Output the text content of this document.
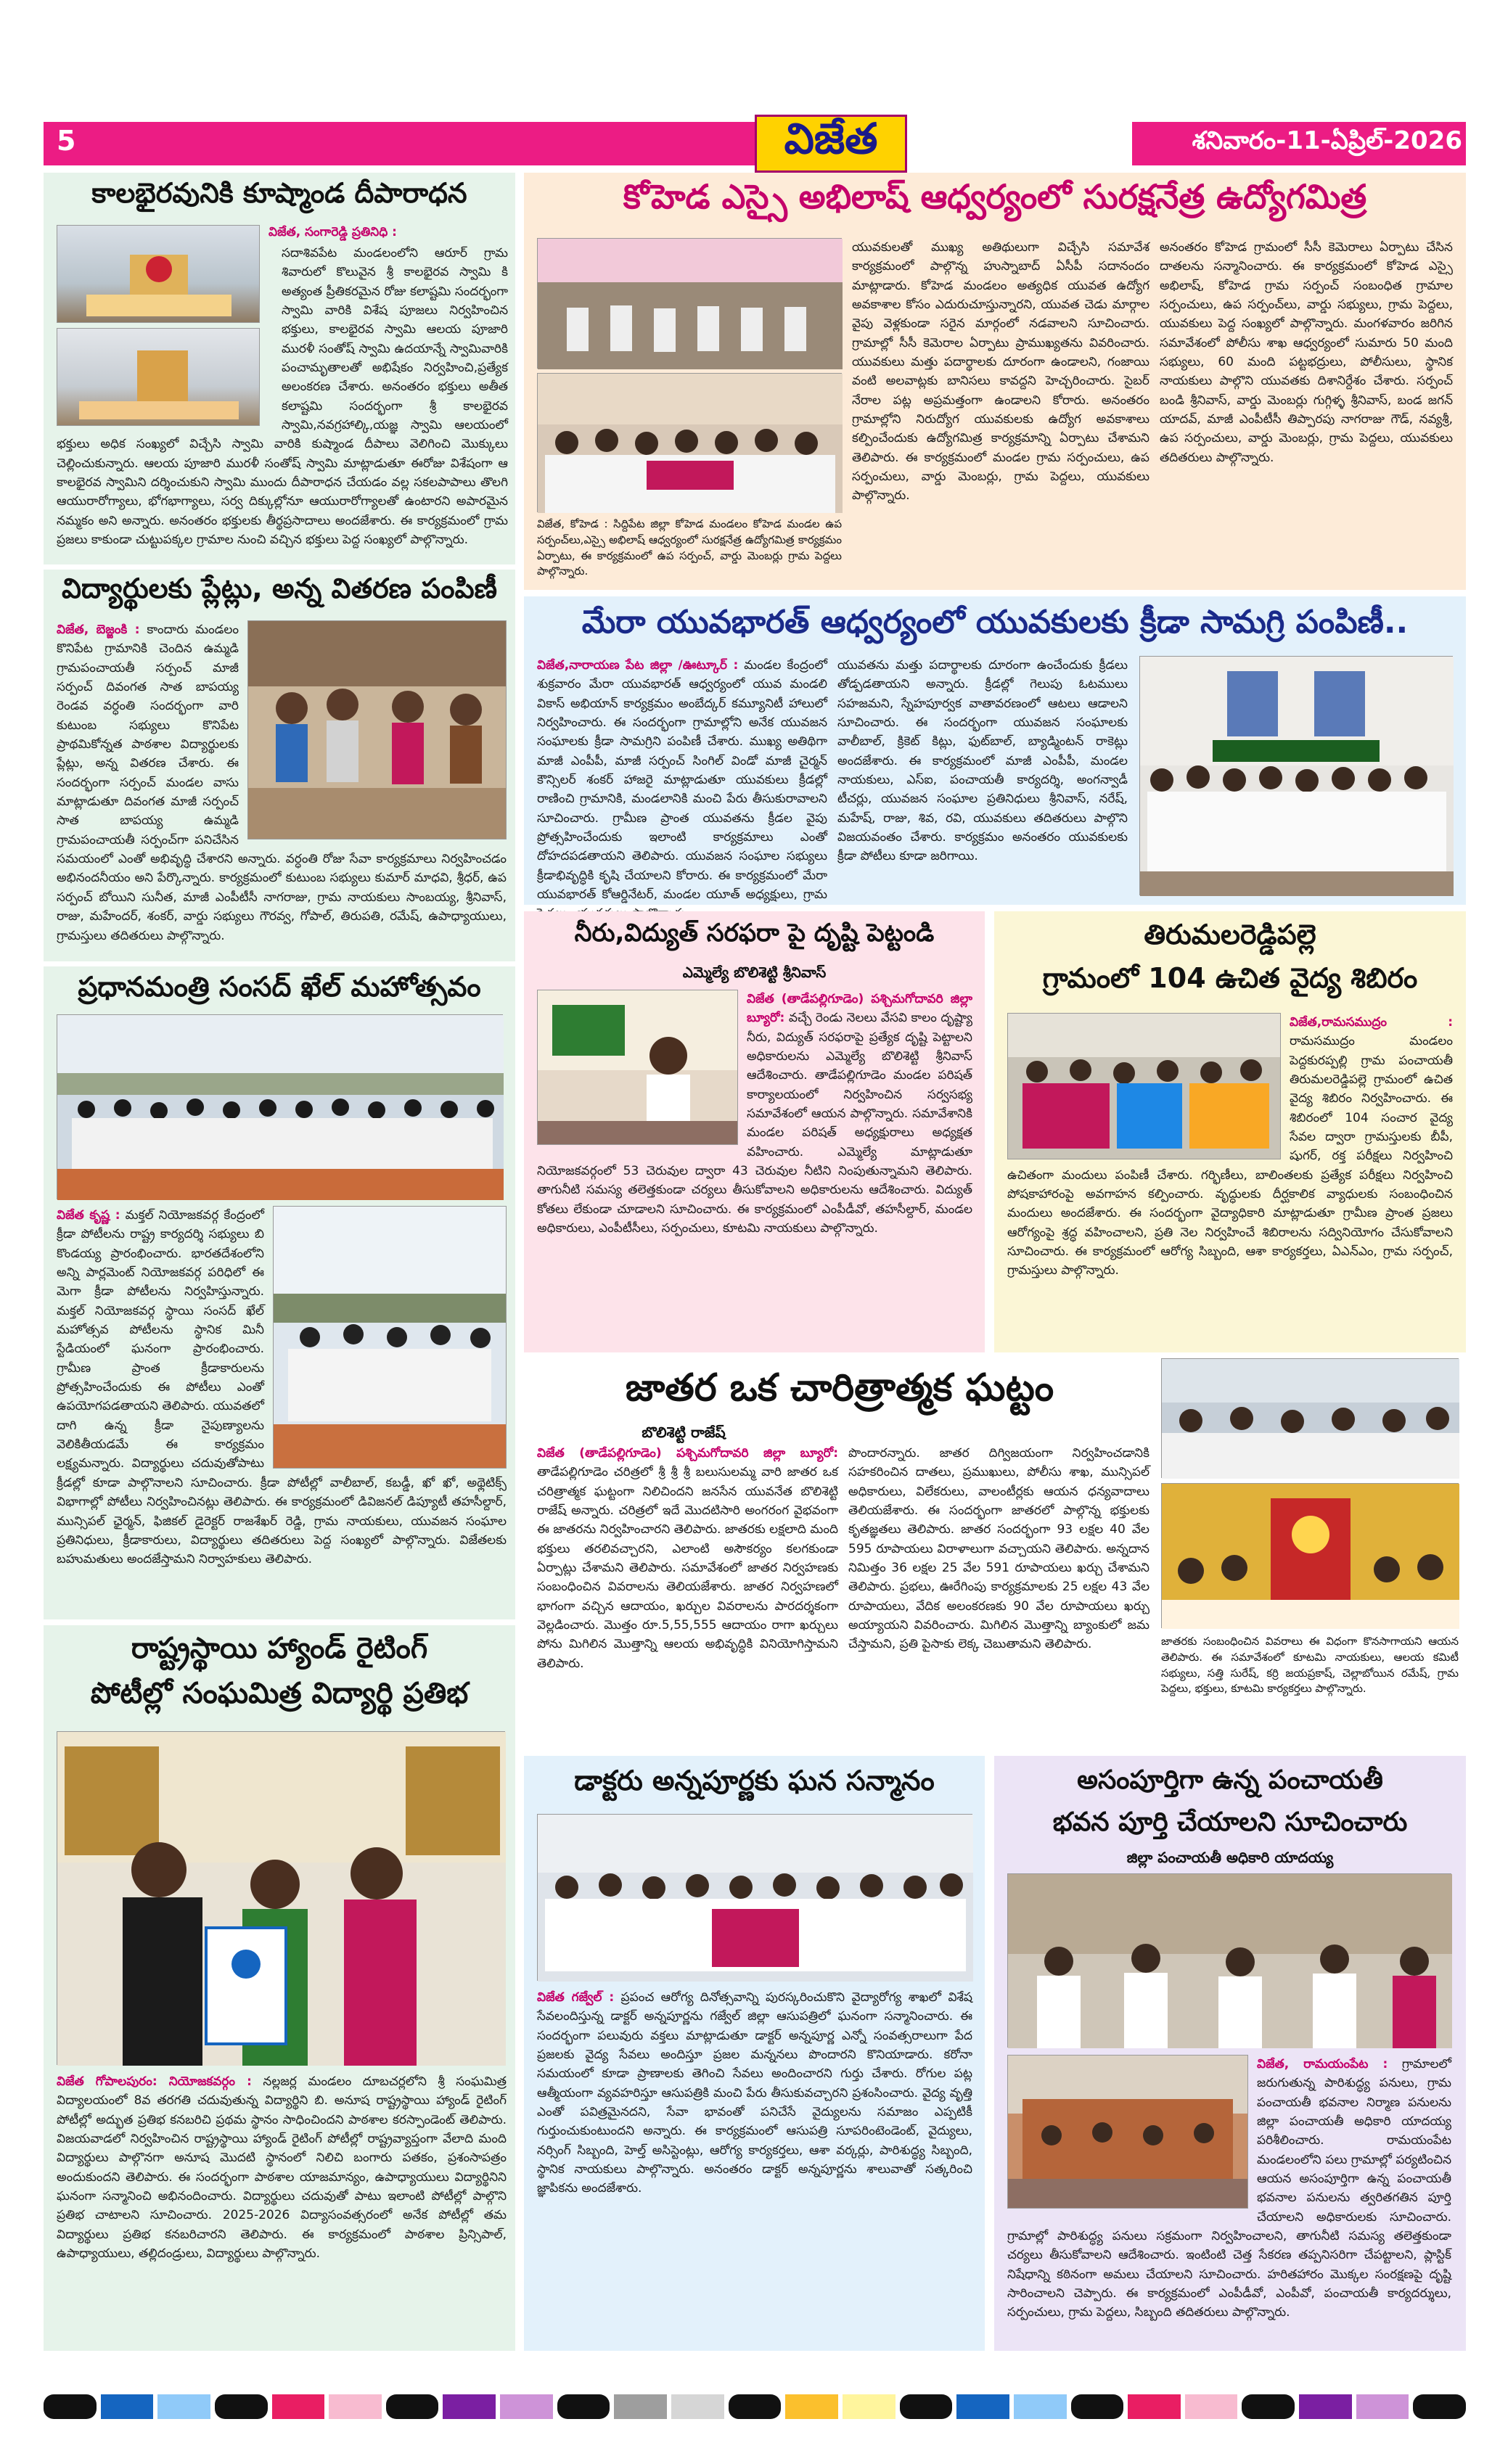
5	విజేత	శనివారం-11-ఏప్రిల్-2026
కాలభైరవునికి కూష్మాండ దీపారాధన
విజేత, సంగారెడ్డి ప్రతినిధి :
సదాశివపేట మండలంలోని ఆరూర్ గ్రామ శివారులో కొలువైన శ్రీ కాలభైరవ స్వామి కి అత్యంత ప్రీతికరమైన రోజు కలాష్టమి సందర్భంగా స్వామి వారికి విశేష పూజలు నిర్వహించిన భక్తులు, కాలభైరవ స్వామి ఆలయ పూజారి మురళీ సంతోష్ స్వామి ఉదయాన్నే స్వామివారికి పంచామృతాలతో అభిషేకం నిర్వహించి,ప్రత్యేక అలంకరణ చేశారు. అనంతరం భక్తులు అతీత కలాష్టమి సందర్భంగా శ్రీ కాలభైరవ స్వామి,నవగ్రహాల్కి,యజ్ఞ స్వామి ఆలయంలో భక్తులు అధిక సంఖ్యలో విచ్చేసి స్వామి వారికి కుష్మాండ దీపాలు వెలిగించి మొక్కులు చెల్లించుకున్నారు. ఆలయ పూజారి మురళీ సంతోష్ స్వామి మాట్లాడుతూ ఈరోజు విశేషంగా ఆ కాలభైరవ స్వామిని దర్శించుకుని స్వామి ముందు దీపారాధన చేయడం వల్ల సకలపాపాలు తొలగి ఆయురారోగ్యాలు, భోగభాగ్యాలు, సర్వ దిక్కుల్లోనూ ఆయురారోగ్యాలతో ఉంటారని అపారమైన నమ్మకం అని అన్నారు. అనంతరం భక్తులకు తీర్థప్రసాదాలు అందజేశారు. ఈ కార్యక్రమంలో గ్రామ ప్రజలు కాకుండా చుట్టుపక్కల గ్రామాల నుంచి వచ్చిన భక్తులు పెద్ద సంఖ్యలో పాల్గొన్నారు.
విద్యార్థులకు ప్లేట్లు, అన్న వితరణ పంపిణీ
విజేత, బెజ్జంకి : కాందారు మండలం కొనిపేట గ్రామానికి చెందిన ఉమ్మడి గ్రామపంచాయతీ సర్పంచ్ మాజీ సర్పంచ్ దివంగత సాత బాపయ్య రెండవ వర్ధంతి సందర్భంగా వారి కుటుంబ సభ్యులు కొనిపేట ప్రాథమికోన్నత పాఠశాల విద్యార్థులకు ప్లేట్లు, అన్న వితరణ చేశారు. ఈ సందర్భంగా సర్పంచ్ మండల వాసు మాట్లాడుతూ దివంగత మాజీ సర్పంచ్ సాత బాపయ్య ఉమ్మడి గ్రామపంచాయతీ సర్పంచ్‌గా పనిచేసిన సమయంలో ఎంతో అభివృద్ధి చేశారని అన్నారు. వర్ధంతి రోజు సేవా కార్యక్రమాలు నిర్వహించడం అభినందనీయం అని పేర్కొన్నారు. కార్యక్రమంలో కుటుంబ సభ్యులు కుమార్ మాధవి, శ్రీధర్, ఉప సర్పంచ్ బోయిని సునీత, మాజీ ఎంపీటీసీ నాగరాజు, గ్రామ నాయకులు సాంబయ్య, శ్రీనివాస్, రాజు, మహేందర్, శంకర్, వార్డు సభ్యులు గౌరవ్వ, గోపాల్, తిరుపతి, రమేష్, ఉపాధ్యాయులు, గ్రామస్తులు తదితరులు పాల్గొన్నారు.
ప్రధానమంత్రి సంసద్ ఖేల్ మహోత్సవం
విజేత కృష్ణ : మక్తల్ నియోజకవర్గ కేంద్రంలో క్రీడా పోటీలను రాష్ట్ర కార్యదర్శి సభ్యులు బి కొండయ్య ప్రారంభించారు. భారతదేశంలోని అన్ని పార్లమెంట్ నియోజకవర్గ పరిధిలో ఈ మెగా క్రీడా పోటీలను నిర్వహిస్తున్నారు. మక్తల్ నియోజకవర్గ స్థాయి సంసద్ ఖేల్ మహోత్సవ పోటీలను స్థానిక మినీ స్టేడియంలో ఘనంగా ప్రారంభించారు. గ్రామీణ ప్రాంత క్రీడాకారులను ప్రోత్సహించేందుకు ఈ పోటీలు ఎంతో ఉపయోగపడతాయని తెలిపారు. యువతలో దాగి ఉన్న క్రీడా నైపుణ్యాలను వెలికితీయడమే ఈ కార్యక్రమం లక్ష్యమన్నారు. విద్యార్థులు చదువుతోపాటు క్రీడల్లో కూడా పాల్గొనాలని సూచించారు. క్రీడా పోటీల్లో వాలీబాల్, కబడ్డీ, ఖో ఖో, అథ్లెటిక్స్ విభాగాల్లో పోటీలు నిర్వహించినట్లు తెలిపారు. ఈ కార్యక్రమంలో డివిజనల్ డిప్యూటీ తహసీల్దార్, మున్సిపల్ ఛైర్మన్, ఫిజికల్ డైరెక్టర్ రాజశేఖర్ రెడ్డి, గ్రామ నాయకులు, యువజన సంఘాల ప్రతినిధులు, క్రీడాకారులు, విద్యార్థులు తదితరులు పెద్ద సంఖ్యలో పాల్గొన్నారు. విజేతలకు బహుమతులు అందజేస్తామని నిర్వాహకులు తెలిపారు.
రాష్ట్రస్థాయి హ్యాండ్ రైటింగ్
పోటీల్లో సంఘమిత్ర విద్యార్థి ప్రతిభ
విజేత గోపాలపురం: నియోజకవర్గం : నల్లజర్ల మండలం దూబచర్లలోని శ్రీ సంఘమిత్ర విద్యాలయంలో 8వ తరగతి చదువుతున్న విద్యార్థిని బి. అనూష రాష్ట్రస్థాయి హ్యాండ్ రైటింగ్ పోటీల్లో అద్భుత ప్రతిభ కనబరిచి ప్రథమ స్థానం సాధించిందని పాఠశాల కరస్పాండెంట్ తెలిపారు. విజయవాడలో నిర్వహించిన రాష్ట్రస్థాయి హ్యాండ్ రైటింగ్ పోటీల్లో రాష్ట్రవ్యాప్తంగా వేలాది మంది విద్యార్థులు పాల్గొనగా అనూష మొదటి స్థానంలో నిలిచి బంగారు పతకం, ప్రశంసాపత్రం అందుకుందని తెలిపారు. ఈ సందర్భంగా పాఠశాల యాజమాన్యం, ఉపాధ్యాయులు విద్యార్థినిని ఘనంగా సన్మానించి అభినందించారు. విద్యార్థులు చదువుతో పాటు ఇలాంటి పోటీల్లో పాల్గొని ప్రతిభ చాటాలని సూచించారు. 2025-2026 విద్యాసంవత్సరంలో అనేక పోటీల్లో తమ విద్యార్థులు ప్రతిభ కనబరిచారని తెలిపారు. ఈ కార్యక్రమంలో పాఠశాల ప్రిన్సిపాల్, ఉపాధ్యాయులు, తల్లిదండ్రులు, విద్యార్థులు పాల్గొన్నారు.
కోహెడ ఎస్సై అభిలాష్ ఆధ్వర్యంలో సురక్షనేత్ర ఉద్యోగమిత్ర
విజేత, కోహెడ : సిద్దిపేట జిల్లా కోహెడ మండలం కోహెడ మండల ఉప సర్పంచ్‌లు,ఎస్సై అభిలాష్ ఆధ్వర్యంలో సురక్షనేత్ర ఉద్యోగమిత్ర కార్యక్రమం ఏర్పాటు, ఈ కార్యక్రమంలో ఉప సర్పంచ్, వార్డు మెంబర్లు గ్రామ పెద్దలు పాల్గొన్నారు.
యువకులతో ముఖ్య అతిథులుగా విచ్చేసి సమావేశ కార్యక్రమంలో పాల్గొన్న హుస్నాబాద్ ఏసీపీ సదానందం మాట్లాడారు. కోహెడ మండలం అత్యధిక యువత ఉద్యోగ అవకాశాల కోసం ఎదురుచూస్తున్నారని, యువత చెడు మార్గాల వైపు వెళ్లకుండా సరైన మార్గంలో నడవాలని సూచించారు. గ్రామాల్లో సీసీ కెమెరాల ఏర్పాటు ప్రాముఖ్యతను వివరించారు. యువకులు మత్తు పదార్థాలకు దూరంగా ఉండాలని, గంజాయి వంటి అలవాట్లకు బానిసలు కావద్దని హెచ్చరించారు. సైబర్ నేరాల పట్ల అప్రమత్తంగా ఉండాలని కోరారు. అనంతరం గ్రామాల్లోని నిరుద్యోగ యువకులకు ఉద్యోగ అవకాశాలు కల్పించేందుకు ఉద్యోగమిత్ర కార్యక్రమాన్ని ఏర్పాటు చేశామని తెలిపారు. ఈ కార్యక్రమంలో మండల గ్రామ సర్పంచులు, ఉప సర్పంచులు, వార్డు మెంబర్లు, గ్రామ పెద్దలు, యువకులు పాల్గొన్నారు.
అనంతరం కోహెడ గ్రామంలో సీసీ కెమెరాలు ఏర్పాటు చేసిన దాతలను సన్మానించారు. ఈ కార్యక్రమంలో కోహెడ ఎస్సై అభిలాష్, కోహెడ గ్రామ సర్పంచ్ సంబంధిత గ్రామాల సర్పంచులు, ఉప సర్పంచ్‌లు, వార్డు సభ్యులు, గ్రామ పెద్దలు, యువకులు పెద్ద సంఖ్యలో పాల్గొన్నారు. మంగళవారం జరిగిన సమావేశంలో పోలీసు శాఖ ఆధ్వర్యంలో సుమారు 50 మంది సభ్యులు, 60 మంది పట్టభద్రులు, పోలీసులు, స్థానిక నాయకులు పాల్గొని యువతకు దిశానిర్దేశం చేశారు. సర్పంచ్ బండి శ్రీనివాస్, వార్డు మెంబర్లు గుగ్గిళ్ళ శ్రీనివాస్, బండ జగన్ యాదవ్, మాజీ ఎంపీటీసీ తిప్పారపు నాగరాజు గౌడ్, నవ్యశ్రీ, ఉప సర్పంచులు, వార్డు మెంబర్లు, గ్రామ పెద్దలు, యువకులు తదితరులు పాల్గొన్నారు.
మేరా యువభారత్ ఆధ్వర్యంలో యువకులకు క్రీడా సామగ్రి పంపిణీ..
విజేత,నారాయణ పేట జిల్లా /ఊట్కూర్ : మండల కేంద్రంలో శుక్రవారం మేరా యువభారత్ ఆధ్వర్యంలో యువ మండలి వికాస్ అభియాన్ కార్యక్రమం అంబేద్కర్ కమ్యూనిటీ హాలులో నిర్వహించారు. ఈ సందర్భంగా గ్రామాల్లోని అనేక యువజన సంఘాలకు క్రీడా సామగ్రిని పంపిణీ చేశారు. ముఖ్య అతిథిగా మాజీ ఎంపీపీ, మాజీ సర్పంచ్ సింగిల్ విండో మాజీ చైర్మన్ కౌన్సిలర్ శంకర్ హాజరై మాట్లాడుతూ యువకులు క్రీడల్లో రాణించి గ్రామానికి, మండలానికి మంచి పేరు తీసుకురావాలని సూచించారు. గ్రామీణ ప్రాంత యువతను క్రీడల వైపు ప్రోత్సహించేందుకు ఇలాంటి కార్యక్రమాలు ఎంతో దోహదపడతాయని తెలిపారు. యువజన సంఘాల సభ్యులు క్రీడాభివృద్ధికి కృషి చేయాలని కోరారు. ఈ కార్యక్రమంలో మేరా యువభారత్ కోఆర్డినేటర్, మండల యూత్ అధ్యక్షులు, గ్రామ
యువతను మత్తు పదార్థాలకు దూరంగా ఉంచేందుకు క్రీడలు తోడ్పడతాయని అన్నారు. క్రీడల్లో గెలుపు ఓటములు సహజమని, స్నేహపూర్వక వాతావరణంలో ఆటలు ఆడాలని సూచించారు. ఈ సందర్భంగా యువజన సంఘాలకు వాలీబాల్, క్రికెట్ కిట్లు, ఫుట్‌బాల్, బ్యాడ్మింటన్ రాకెట్లు అందజేశారు. ఈ కార్యక్రమంలో మాజీ ఎంపీపీ, మండల నాయకులు, ఎస్‌ఐ, పంచాయతీ కార్యదర్శి, అంగన్వాడీ టీచర్లు, యువజన సంఘాల ప్రతినిధులు శ్రీనివాస్, నరేష్, మహేష్, రాజు, శివ, రవి, యువకులు తదితరులు పాల్గొని విజయవంతం చేశారు. కార్యక్రమం అనంతరం యువకులకు క్రీడా పోటీలు కూడా జరిగాయి.
నీరు,విద్యుత్ సరఫరా పై దృష్టి పెట్టండి
ఎమ్మెల్యే బొలిశెట్టి శ్రీనివాస్
విజేత (తాడేపల్లిగూడెం) పశ్చిమగోదావరి జిల్లా బ్యూరో: వచ్చే రెండు నెలలు వేసవి కాలం దృష్ట్యా నీరు, విద్యుత్ సరఫరాపై ప్రత్యేక దృష్టి పెట్టాలని అధికారులను ఎమ్మెల్యే బొలిశెట్టి శ్రీనివాస్ ఆదేశించారు. తాడేపల్లిగూడెం మండల పరిషత్ కార్యాలయంలో నిర్వహించిన సర్వసభ్య సమావేశంలో ఆయన పాల్గొన్నారు. సమావేశానికి మండల పరిషత్ అధ్యక్షురాలు అధ్యక్షత వహించారు. ఎమ్మెల్యే మాట్లాడుతూ నియోజకవర్గంలో 53 చెరువుల ద్వారా 43 చెరువుల నీటిని నింపుతున్నామని తెలిపారు. తాగునీటి సమస్య తలెత్తకుండా చర్యలు తీసుకోవాలని అధికారులను ఆదేశించారు. విద్యుత్ కోతలు లేకుండా చూడాలని సూచించారు. ఈ కార్యక్రమంలో ఎంపీడీవో, తహసీల్దార్, మండల అధికారులు, ఎంపీటీసీలు, సర్పంచులు, కూటమి నాయకులు పాల్గొన్నారు.
తిరుమలరెడ్డిపల్లె
గ్రామంలో 104 ఉచిత వైద్య శిబిరం
విజేత,రామసముద్రం : రామసముద్రం మండలం పెద్దకురప్పల్లి గ్రామ పంచాయతీ తిరుమలరెడ్డిపల్లె గ్రామంలో ఉచిత వైద్య శిబిరం నిర్వహించారు. ఈ శిబిరంలో 104 సంచార వైద్య సేవల ద్వారా గ్రామస్తులకు బీపీ, షుగర్, రక్త పరీక్షలు నిర్వహించి ఉచితంగా మందులు పంపిణీ చేశారు. గర్భిణీలు, బాలింతలకు ప్రత్యేక పరీక్షలు నిర్వహించి పోషకాహారంపై అవగాహన కల్పించారు. వృద్ధులకు దీర్ఘకాలిక వ్యాధులకు సంబంధించిన మందులు అందజేశారు. ఈ సందర్భంగా వైద్యాధికారి మాట్లాడుతూ గ్రామీణ ప్రాంత ప్రజలు ఆరోగ్యంపై శ్రద్ధ వహించాలని, ప్రతి నెల నిర్వహించే శిబిరాలను సద్వినియోగం చేసుకోవాలని సూచించారు. ఈ కార్యక్రమంలో ఆరోగ్య సిబ్బంది, ఆశా కార్యకర్తలు, ఏఎన్ఎం, గ్రామ సర్పంచ్, గ్రామస్తులు పాల్గొన్నారు.
జాతర ఒక చారిత్రాత్మక ఘట్టం
బొలిశెట్టి రాజేష్
విజేత (తాడేపల్లిగూడెం) పశ్చిమగోదావరి జిల్లా బ్యూరో: తాడేపల్లిగూడెం చరిత్రలో శ్రీ శ్రీ శ్రీ బలుసులమ్మ వారి జాతర ఒక చరిత్రాత్మక ఘట్టంగా నిలిచిందని జనసేన యువనేత బొలిశెట్టి రాజేష్ అన్నారు. చరిత్రలో ఇదే మొదటిసారి అంగరంగ వైభవంగా ఈ జాతరను నిర్వహించారని తెలిపారు. జాతరకు లక్షలాది మంది భక్తులు తరలివచ్చారని, ఎలాంటి అసౌకర్యం కలగకుండా ఏర్పాట్లు చేశామని తెలిపారు. సమావేశంలో జాతర నిర్వహణకు సంబంధించిన వివరాలను తెలియజేశారు. జాతర నిర్వహణలో భాగంగా వచ్చిన ఆదాయం, ఖర్చుల వివరాలను పారదర్శకంగా వెల్లడించారు. మొత్తం రూ.5,55,555 ఆదాయం రాగా ఖర్చులు పోను మిగిలిన మొత్తాన్ని ఆలయ అభివృద్ధికి వినియోగిస్తామని తెలిపారు.
పొందారన్నారు. జాతర దిగ్విజయంగా నిర్వహించడానికి సహకరించిన దాతలు, ప్రముఖులు, పోలీసు శాఖ, మున్సిపల్ అధికారులు, విలేకరులు, వాలంటీర్లకు ఆయన ధన్యవాదాలు తెలియజేశారు. ఈ సందర్భంగా జాతరలో పాల్గొన్న భక్తులకు కృతజ్ఞతలు తెలిపారు. జాతర సందర్భంగా 93 లక్షల 40 వేల 595 రూపాయలు విరాళాలుగా వచ్చాయని తెలిపారు. అన్నదాన నిమిత్తం 36 లక్షల 25 వేల 591 రూపాయలు ఖర్చు చేశామని తెలిపారు. ప్రభలు, ఊరేగింపు కార్యక్రమాలకు 25 లక్షల 43 వేల రూపాయలు, వేదిక అలంకరణకు 90 వేల రూపాయలు ఖర్చు అయ్యాయని వివరించారు. మిగిలిన మొత్తాన్ని బ్యాంకులో జమ చేస్తామని, ప్రతి పైసాకు లెక్క చెబుతామని తెలిపారు.	జాతరకు సంబంధించిన వివరాలు ఈ విధంగా కొనసాగాయని ఆయన తెలిపారు. ఈ సమావేశంలో కూటమి నాయకులు, ఆలయ కమిటీ సభ్యులు, సత్తి సురేష్, కర్రి జయప్రకాష్, చెల్లాబోయిన రమేష్, గ్రామ పెద్దలు, భక్తులు, కూటమి కార్యకర్తలు పాల్గొన్నారు.
డాక్టరు అన్నపూర్ణకు ఘన సన్మానం
విజేత గజ్వేల్ : ప్రపంచ ఆరోగ్య దినోత్సవాన్ని పురస్కరించుకొని వైద్యారోగ్య శాఖలో విశేష సేవలందిస్తున్న డాక్టర్ అన్నపూర్ణను గజ్వేల్ జిల్లా ఆసుపత్రిలో ఘనంగా సన్మానించారు. ఈ సందర్భంగా పలువురు వక్తలు మాట్లాడుతూ డాక్టర్ అన్నపూర్ణ ఎన్నో సంవత్సరాలుగా పేద ప్రజలకు వైద్య సేవలు అందిస్తూ ప్రజల మన్ననలు పొందారని కొనియాడారు. కరోనా సమయంలో కూడా ప్రాణాలకు తెగించి సేవలు అందించారని గుర్తు చేశారు. రోగుల పట్ల ఆత్మీయంగా వ్యవహరిస్తూ ఆసుపత్రికి మంచి పేరు తీసుకువచ్చారని ప్రశంసించారు. వైద్య వృత్తి ఎంతో పవిత్రమైనదని, సేవా భావంతో పనిచేసే వైద్యులను సమాజం ఎప్పటికీ గుర్తుంచుకుంటుందని అన్నారు. ఈ కార్యక్రమంలో ఆసుపత్రి సూపరింటెండెంట్, వైద్యులు, నర్సింగ్ సిబ్బంది, హెల్త్ అసిస్టెంట్లు, ఆరోగ్య కార్యకర్తలు, ఆశా వర్కర్లు, పారిశుద్ధ్య సిబ్బంది, స్థానిక నాయకులు పాల్గొన్నారు. అనంతరం డాక్టర్ అన్నపూర్ణను శాలువాతో సత్కరించి జ్ఞాపికను అందజేశారు.
అసంపూర్తిగా ఉన్న పంచాయతీ
భవన పూర్తి చేయాలని సూచించారు
జిల్లా పంచాయతీ అధికారి యాదయ్య
విజేత, రామయంపేట : గ్రామాలలో జరుగుతున్న పారిశుద్ధ్య పనులు, గ్రామ పంచాయతీ భవనాల నిర్మాణ పనులను జిల్లా పంచాయతీ అధికారి యాదయ్య పరిశీలించారు. రామయంపేట మండలంలోని పలు గ్రామాల్లో పర్యటించిన ఆయన అసంపూర్తిగా ఉన్న పంచాయతీ భవనాల పనులను త్వరితగతిన పూర్తి చేయాలని అధికారులకు సూచించారు. గ్రామాల్లో పారిశుద్ధ్య పనులు సక్రమంగా నిర్వహించాలని, తాగునీటి సమస్య తలెత్తకుండా చర్యలు తీసుకోవాలని ఆదేశించారు. ఇంటింటి చెత్త సేకరణ తప్పనిసరిగా చేపట్టాలని, ప్లాస్టిక్ నిషేధాన్ని కఠినంగా అమలు చేయాలని సూచించారు. హరితహారం మొక్కల సంరక్షణపై దృష్టి సారించాలని చెప్పారు. ఈ కార్యక్రమంలో ఎంపీడీవో, ఎంపీవో, పంచాయతీ కార్యదర్శులు, సర్పంచులు, గ్రామ పెద్దలు, సిబ్బంది తదితరులు పాల్గొన్నారు.
